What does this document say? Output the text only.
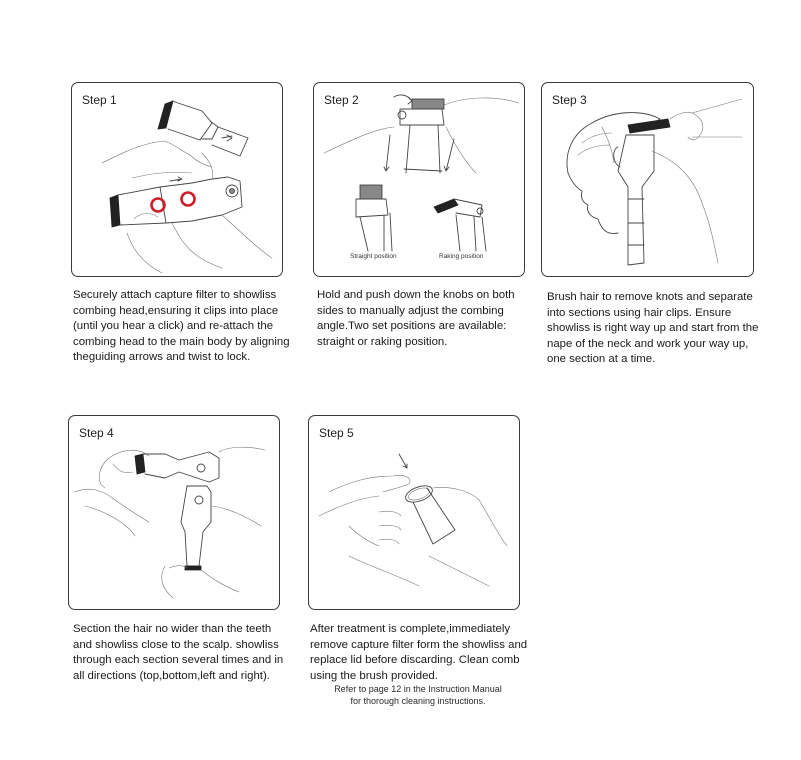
Step 1

Securely attach capture filter to showliss
combing head,ensuring it clips into place
(until you hear a click) and re-attach the
combing head to the main body by aligning
theguiding arrows and twist to lock.

Step 2
Straight position	Raking position

Hold and push down the knobs on both
sides to manually adjust the combing
angle.Two set positions are available:
straight or raking position.

Step 3

Brush hair to remove knots and separate
into sections using hair clips. Ensure
showliss is right way up and start from the
nape of the neck and work your way up,
one section at a time.

Step 4

Section the hair no wider than the teeth
and showliss close to the scalp. showliss
through each section several times and in
all directions (top,bottom,left and right).

Step 5

After treatment is complete,immediately
remove capture filter form the showliss and
replace lid before discarding. Clean comb
using the brush provided.

Refer to page 12 in the Instruction Manual
for thorough cleaning instructions.
